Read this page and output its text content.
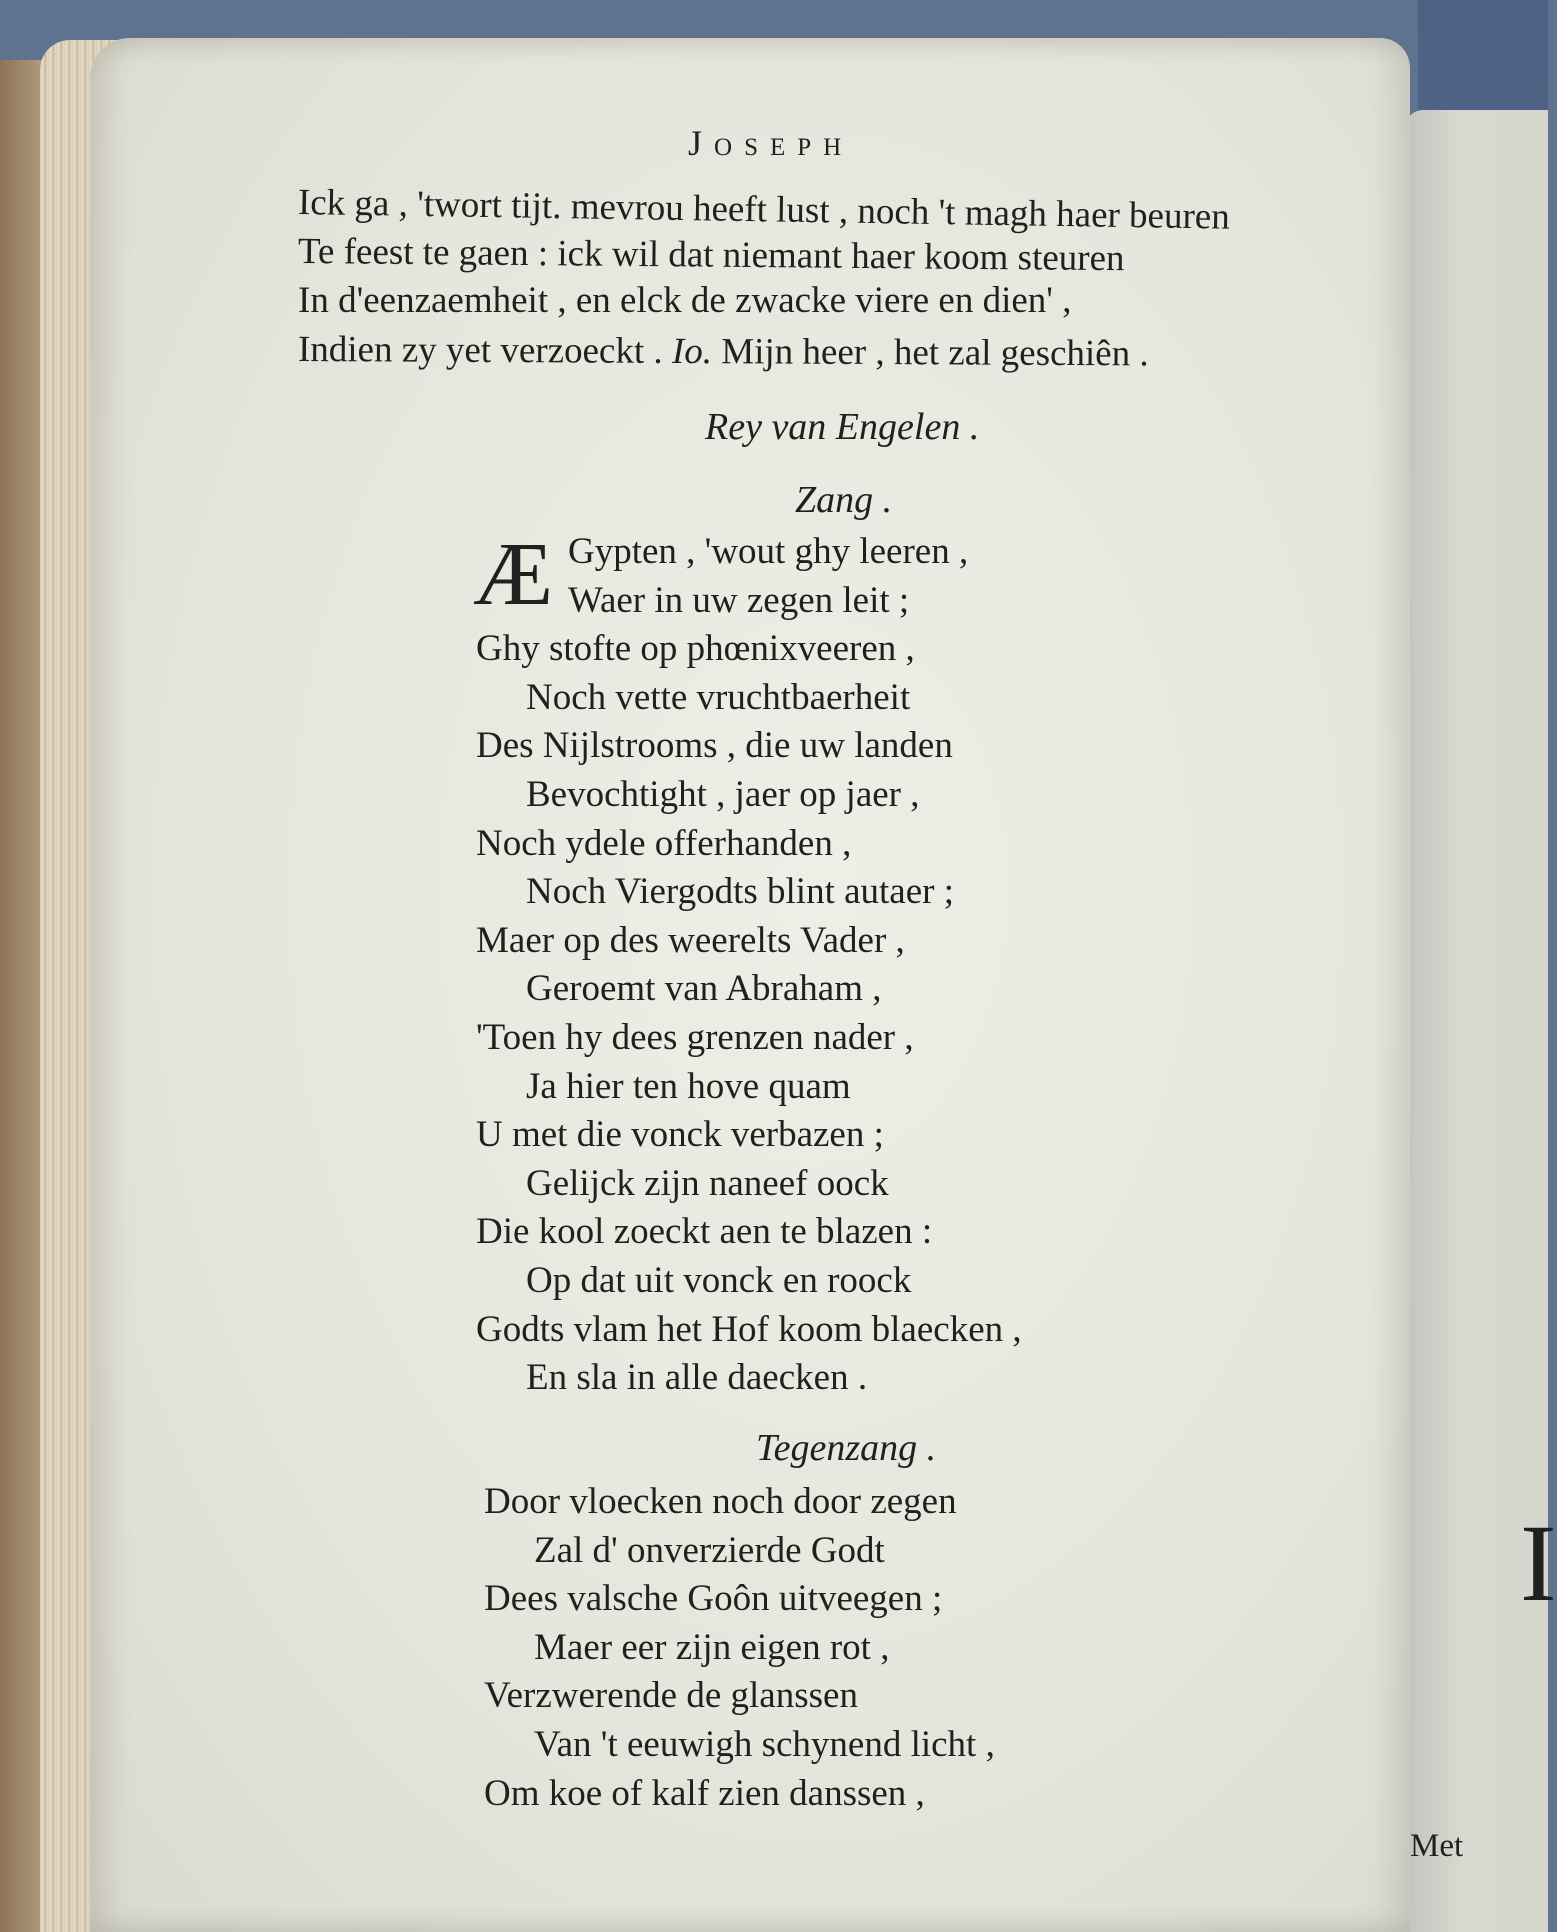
I
Joseph
Ick ga , 'twort tijt. mevrou heeft lust , noch 't magh haer beuren
Te feest te gaen : ick wil dat niemant haer koom steuren
In d'eenzaemheit , en elck de zwacke viere en dien' ,
Indien zy yet verzoeckt . Io. Mijn heer , het zal geschiên .
Rey van Engelen .
Zang .
Æ Gypten , 'wout ghy leeren ,
Waer in uw zegen leit ;
Ghy stofte op phœnixveeren ,
Noch vette vruchtbaerheit
Des Nijlstrooms , die uw landen
Bevochtight , jaer op jaer ,
Noch ydele offerhanden ,
Noch Viergodts blint autaer ;
Maer op des weerelts Vader ,
Geroemt van Abraham ,
'Toen hy dees grenzen nader ,
Ja hier ten hove quam
U met die vonck verbazen ;
Gelijck zijn naneef oock
Die kool zoeckt aen te blazen :
Op dat uit vonck en roock
Godts vlam het Hof koom blaecken ,
En sla in alle daecken .
Tegenzang .
Door vloecken noch door zegen
Zal d' onverzierde Godt
Dees valsche Goôn uitveegen ;
Maer eer zijn eigen rot ,
Verzwerende de glanssen
Van 't eeuwigh schynend licht ,
Om koe of kalf zien danssen ,
Met
